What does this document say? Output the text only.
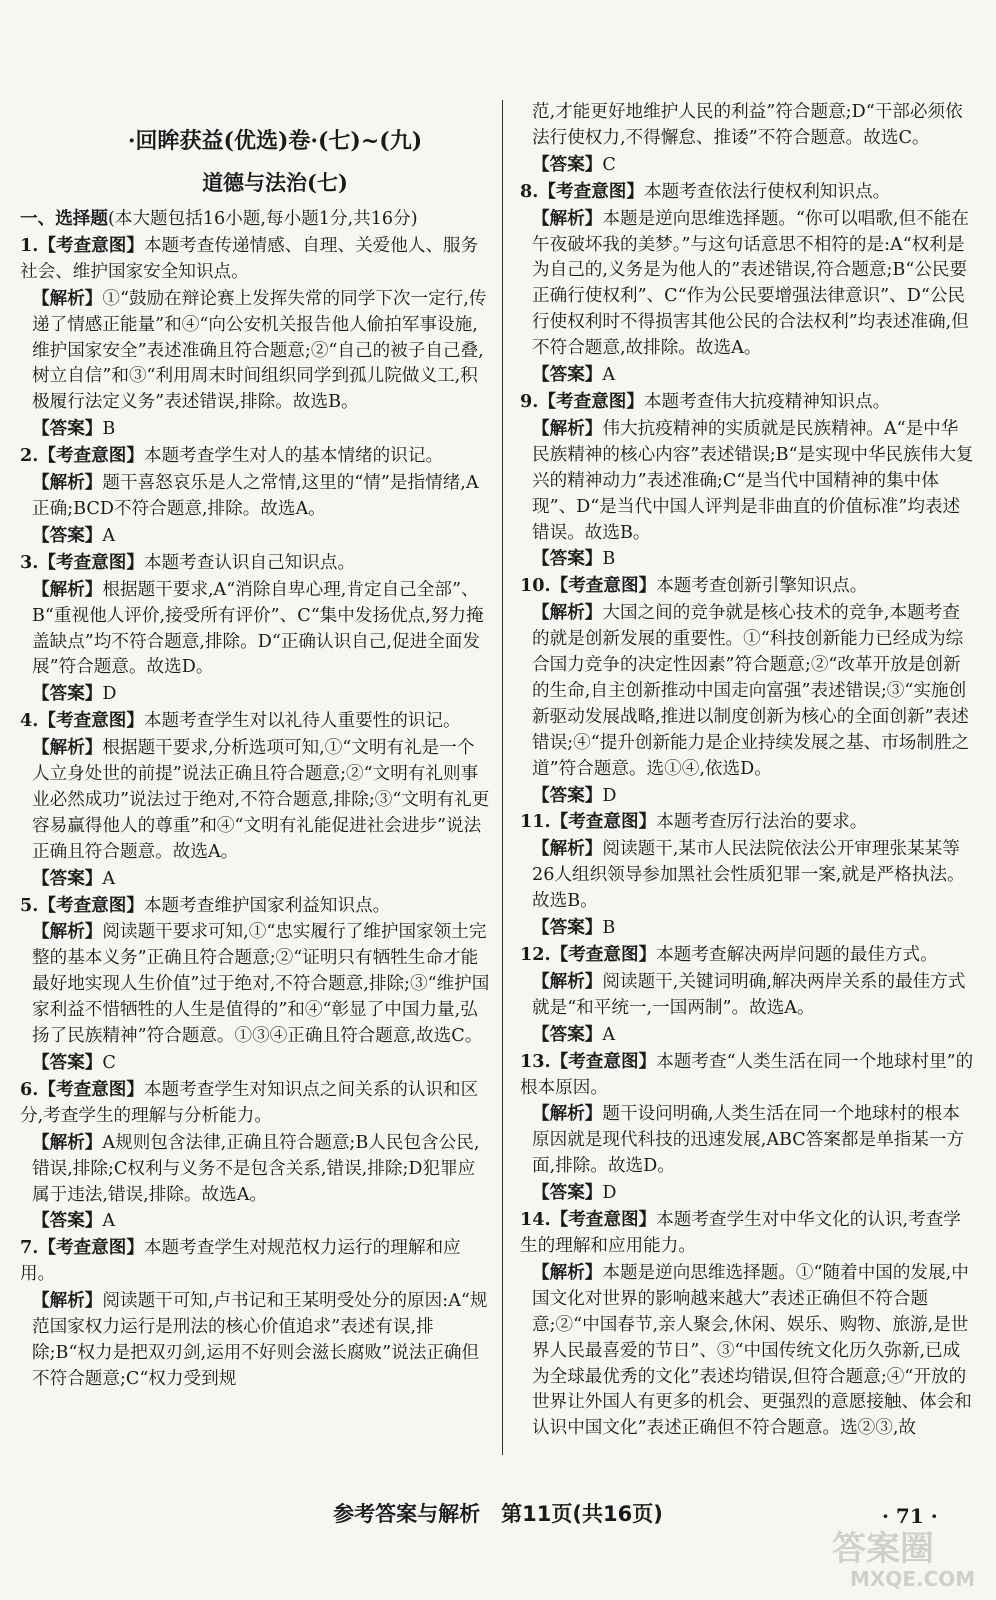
·回眸获益(优选)卷·(七)~(九)
道德与法治(七)

一、选择题(本大题包括16小题,每小题1分,共16分)

1.【考查意图】本题考查传递情感、自理、关爱他人、服务社会、维护国家安全知识点。

【解析】①“鼓励在辩论赛上发挥失常的同学下次一定行,传递了情感正能量”和④“向公安机关报告他人偷拍军事设施,维护国家安全”表述准确且符合题意;②“自己的被子自己叠,树立自信”和③“利用周末时间组织同学到孤儿院做义工,积极履行法定义务”表述错误,排除。故选B。

【答案】B

2.【考查意图】本题考查学生对人的基本情绪的识记。

【解析】题干喜怒哀乐是人之常情,这里的“情”是指情绪,A正确;BCD不符合题意,排除。故选A。

【答案】A

3.【考查意图】本题考查认识自己知识点。

【解析】根据题干要求,A“消除自卑心理,肯定自己全部”、B“重视他人评价,接受所有评价”、C“集中发扬优点,努力掩盖缺点”均不符合题意,排除。D“正确认识自己,促进全面发展”符合题意。故选D。

【答案】D

4.【考查意图】本题考查学生对以礼待人重要性的识记。

【解析】根据题干要求,分析选项可知,①“文明有礼是一个人立身处世的前提”说法正确且符合题意;②“文明有礼则事业必然成功”说法过于绝对,不符合题意,排除;③“文明有礼更容易赢得他人的尊重”和④“文明有礼能促进社会进步”说法正确且符合题意。故选A。

【答案】A

5.【考查意图】本题考查维护国家利益知识点。

【解析】阅读题干要求可知,①“忠实履行了维护国家领土完整的基本义务”正确且符合题意;②“证明只有牺牲生命才能最好地实现人生价值”过于绝对,不符合题意,排除;③“维护国家利益不惜牺牲的人生是值得的”和④“彰显了中国力量,弘扬了民族精神”符合题意。①③④正确且符合题意,故选C。

【答案】C

6.【考查意图】本题考查学生对知识点之间关系的认识和区分,考查学生的理解与分析能力。

【解析】A规则包含法律,正确且符合题意;B人民包含公民,错误,排除;C权利与义务不是包含关系,错误,排除;D犯罪应属于违法,错误,排除。故选A。

【答案】A

7.【考查意图】本题考查学生对规范权力运行的理解和应用。

【解析】阅读题干可知,卢书记和王某明受处分的原因:A“规范国家权力运行是刑法的核心价值追求”表述有误,排除;B“权力是把双刃剑,运用不好则会滋长腐败”说法正确但不符合题意;C“权力受到规

范,才能更好地维护人民的利益”符合题意;D“干部必须依法行使权力,不得懈怠、推诿”不符合题意。故选C。

【答案】C

8.【考查意图】本题考查依法行使权利知识点。

【解析】本题是逆向思维选择题。“你可以唱歌,但不能在午夜破坏我的美梦。”与这句话意思不相符的是:A“权利是为自己的,义务是为他人的”表述错误,符合题意;B“公民要正确行使权利”、C“作为公民要增强法律意识”、D“公民行使权利时不得损害其他公民的合法权利”均表述准确,但不符合题意,故排除。故选A。

【答案】A

9.【考查意图】本题考查伟大抗疫精神知识点。

【解析】伟大抗疫精神的实质就是民族精神。A“是中华民族精神的核心内容”表述错误;B“是实现中华民族伟大复兴的精神动力”表述准确;C“是当代中国精神的集中体现”、D“是当代中国人评判是非曲直的价值标准”均表述错误。故选B。

【答案】B

10.【考查意图】本题考查创新引擎知识点。

【解析】大国之间的竞争就是核心技术的竞争,本题考查的就是创新发展的重要性。①“科技创新能力已经成为综合国力竞争的决定性因素”符合题意;②“改革开放是创新的生命,自主创新推动中国走向富强”表述错误;③“实施创新驱动发展战略,推进以制度创新为核心的全面创新”表述错误;④“提升创新能力是企业持续发展之基、市场制胜之道”符合题意。选①④,依选D。

【答案】D

11.【考查意图】本题考查厉行法治的要求。

【解析】阅读题干,某市人民法院依法公开审理张某某等26人组织领导参加黑社会性质犯罪一案,就是严格执法。故选B。

【答案】B

12.【考查意图】本题考查解决两岸问题的最佳方式。

【解析】阅读题干,关键词明确,解决两岸关系的最佳方式就是“和平统一,一国两制”。故选A。

【答案】A

13.【考查意图】本题考查“人类生活在同一个地球村里”的根本原因。

【解析】题干设问明确,人类生活在同一个地球村的根本原因就是现代科技的迅速发展,ABC答案都是单指某一方面,排除。故选D。

【答案】D

14.【考查意图】本题考查学生对中华文化的认识,考查学生的理解和应用能力。

【解析】本题是逆向思维选择题。①“随着中国的发展,中国文化对世界的影响越来越大”表述正确但不符合题意;②“中国春节,亲人聚会,休闲、娱乐、购物、旅游,是世界人民最喜爱的节日”、③“中国传统文化历久弥新,已成为全球最优秀的文化”表述均错误,但符合题意;④“开放的世界让外国人有更多的机会、更强烈的意愿接触、体会和认识中国文化”表述正确但不符合题意。选②③,故

参考答案与解析　第11页(共16页)	· 71 ·
答案圈
MXQE.COM
